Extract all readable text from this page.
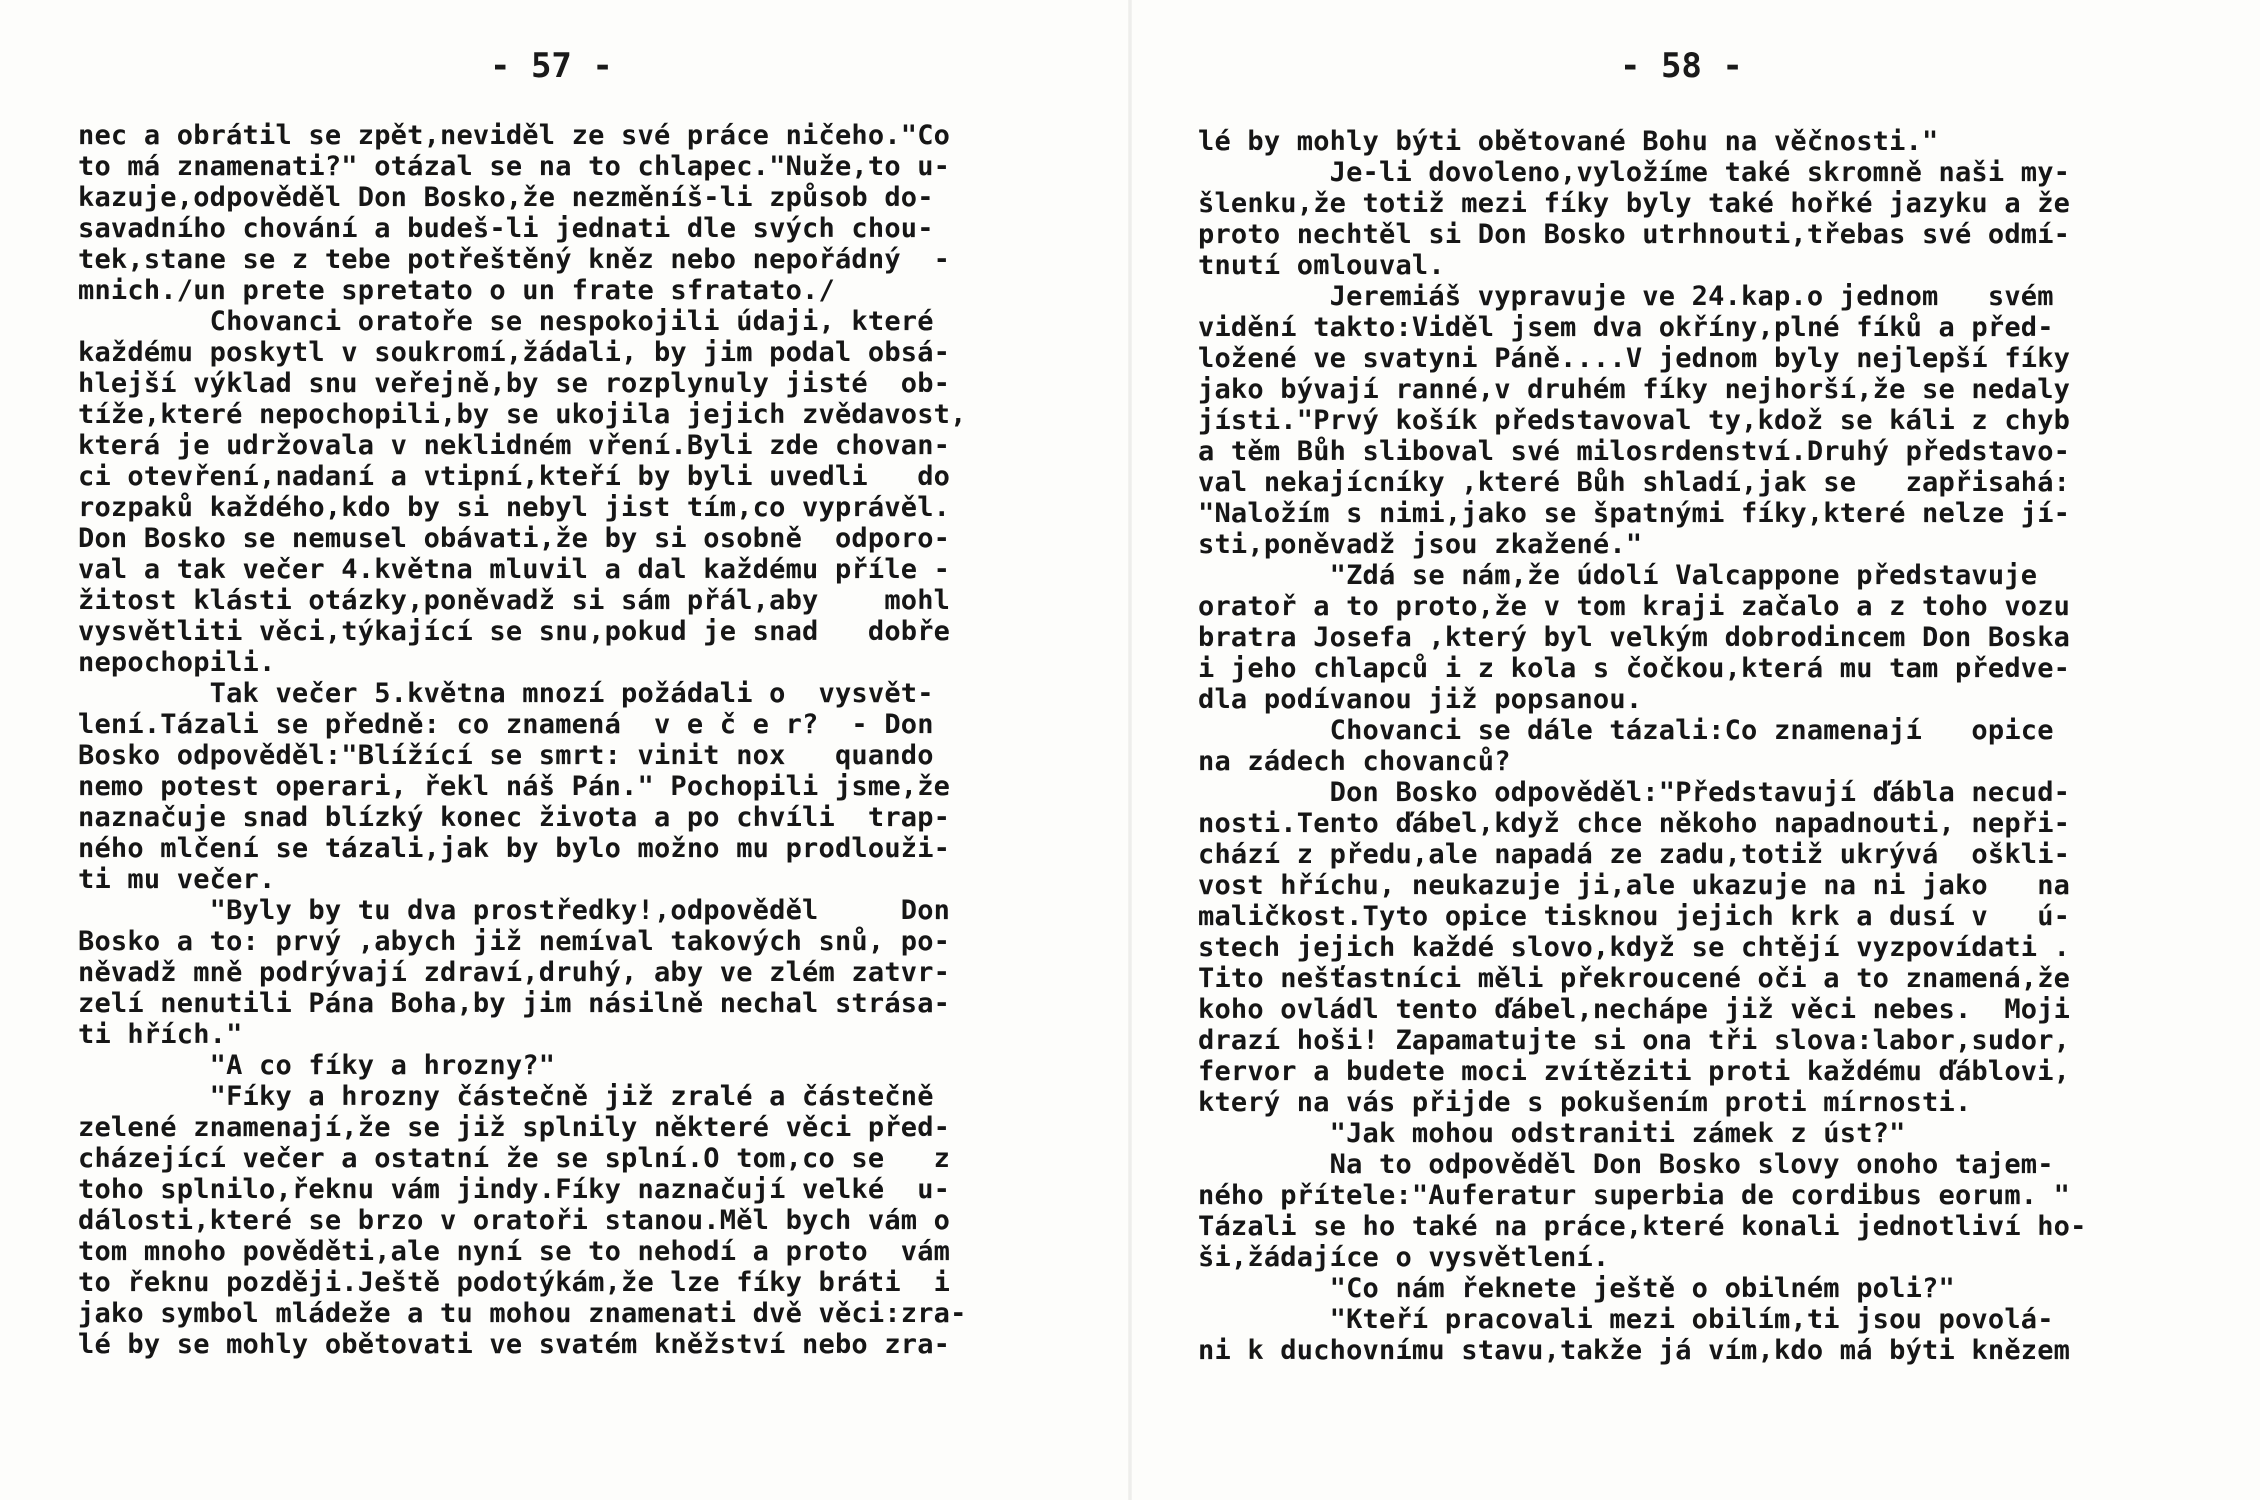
- 57 -
nec a obrátil se zpět,neviděl ze své práce ničeho."Co
to má znamenati?" otázal se na to chlapec."Nuže,to u-
kazuje,odpověděl Don Bosko,že nezměníš-li způsob do-
savadního chování a budeš-li jednati dle svých chou-
tek,stane se z tebe potřeštěný kněz nebo nepořádný  -
mnich./un prete spretato o un frate sfratato./
Chovanci oratoře se nespokojili údaji, které
každému poskytl v soukromí,žádali, by jim podal obsá-
hlejší výklad snu veřejně,by se rozplynuly jisté  ob-
tíže,které nepochopili,by se ukojila jejich zvědavost,
která je udržovala v neklidném vření.Byli zde chovan-
ci otevření,nadaní a vtipní,kteří by byli uvedli   do
rozpaků každého,kdo by si nebyl jist tím,co vyprávěl.
Don Bosko se nemusel obávati,že by si osobně  odporo-
val a tak večer 4.května mluvil a dal každému příle -
žitost klásti otázky,poněvadž si sám přál,aby    mohl
vysvětliti věci,týkající se snu,pokud je snad   dobře
nepochopili.
Tak večer 5.května mnozí požádali o  vysvět-
lení.Tázali se předně: co znamená  v e č e r?  - Don
Bosko odpověděl:"Blížící se smrt: vinit nox   quando
nemo potest operari, řekl náš Pán." Pochopili jsme,že
naznačuje snad blízký konec života a po chvíli  trap-
ného mlčení se tázali,jak by bylo možno mu prodlouži-
ti mu večer.
"Byly by tu dva prostředky!,odpověděl     Don
Bosko a to: prvý ,abych již nemíval takových snů, po-
něvadž mně podrývají zdraví,druhý, aby ve zlém zatvr-
zelí nenutili Pána Boha,by jim násilně nechal strása-
ti hřích."
"A co fíky a hrozny?"
"Fíky a hrozny částečně již zralé a částečně
zelené znamenají,že se již splnily některé věci před-
cházející večer a ostatní že se splní.O tom,co se   z
toho splnilo,řeknu vám jindy.Fíky naznačují velké  u-
dálosti,které se brzo v oratoři stanou.Měl bych vám o
tom mnoho pověděti,ale nyní se to nehodí a proto  vám
to řeknu později.Ještě podotýkám,že lze fíky bráti  i
jako symbol mládeže a tu mohou znamenati dvě věci:zra-
lé by se mohly obětovati ve svatém kněžství nebo zra-
- 58 -
lé by mohly býti obětované Bohu na věčnosti."
Je-li dovoleno,vyložíme také skromně naši my-
šlenku,že totiž mezi fíky byly také hořké jazyku a že
proto nechtěl si Don Bosko utrhnouti,třebas své odmí-
tnutí omlouval.
Jeremiáš vypravuje ve 24.kap.o jednom   svém
vidění takto:Viděl jsem dva okříny,plné fíků a před-
ložené ve svatyni Páně....V jednom byly nejlepší fíky
jako bývají ranné,v druhém fíky nejhorší,že se nedaly
jísti."Prvý košík představoval ty,kdož se káli z chyb
a těm Bůh sliboval své milosrdenství.Druhý představo-
val nekajícníky ,které Bůh shladí,jak se   zapřisahá:
"Naložím s nimi,jako se špatnými fíky,které nelze jí-
sti,poněvadž jsou zkažené."
"Zdá se nám,že údolí Valcappone představuje
oratoř a to proto,že v tom kraji začalo a z toho vozu
bratra Josefa ,který byl velkým dobrodincem Don Boska
i jeho chlapců i z kola s čočkou,která mu tam předve-
dla podívanou již popsanou.
Chovanci se dále tázali:Co znamenají   opice
na zádech chovanců?
Don Bosko odpověděl:"Představují ďábla necud-
nosti.Tento ďábel,když chce někoho napadnouti, nepři-
chází z předu,ale napadá ze zadu,totiž ukrývá  oškli-
vost hříchu, neukazuje ji,ale ukazuje na ni jako   na
maličkost.Tyto opice tisknou jejich krk a dusí v   ú-
stech jejich každé slovo,když se chtějí vyzpovídati .
Tito nešťastníci měli překroucené oči a to znamená,že
koho ovládl tento ďábel,nechápe již věci nebes.  Moji
drazí hoši! Zapamatujte si ona tři slova:labor,sudor,
fervor a budete moci zvítěziti proti každému ďáblovi,
který na vás přijde s pokušením proti mírnosti.
"Jak mohou odstraniti zámek z úst?"
Na to odpověděl Don Bosko slovy onoho tajem-
ného přítele:"Auferatur superbia de cordibus eorum. "
Tázali se ho také na práce,které konali jednotliví ho-
ši,žádajíce o vysvětlení.
"Co nám řeknete ještě o obilném poli?"
"Kteří pracovali mezi obilím,ti jsou povolá-
ni k duchovnímu stavu,takže já vím,kdo má býti knězem
